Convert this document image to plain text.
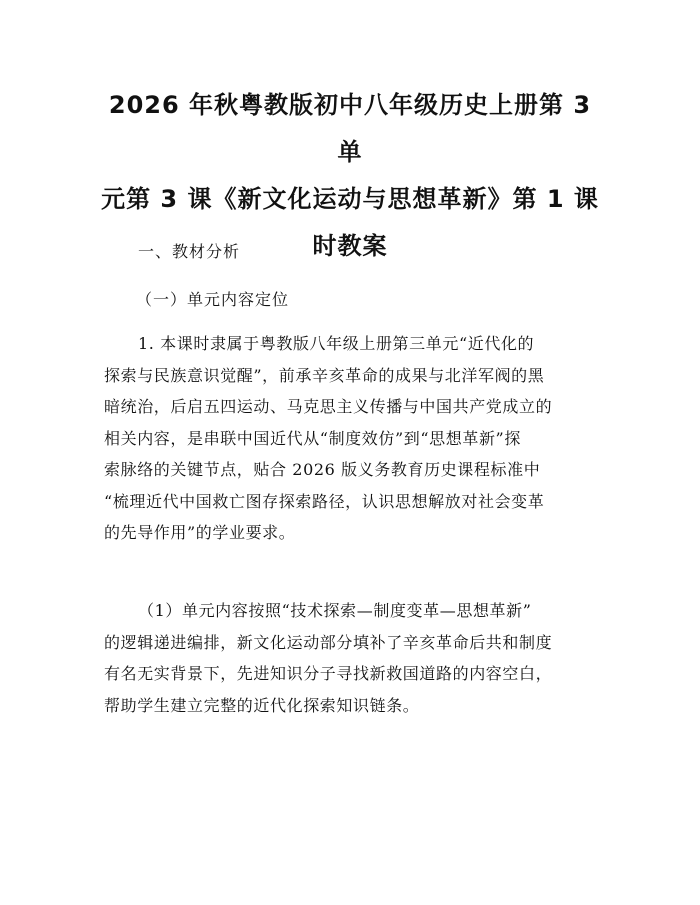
2026 年秋粤教版初中八年级历史上册第 3 单
元第 3 课《新文化运动与思想革新》第 1 课
时教案

一、教材分析

（一）单元内容定位

1. 本课时隶属于粤教版八年级上册第三单元“近代化的
探索与民族意识觉醒”，前承辛亥革命的成果与北洋军阀的黑
暗统治，后启五四运动、马克思主义传播与中国共产党成立的
相关内容，是串联中国近代从“制度效仿”到“思想革新”探
索脉络的关键节点，贴合 2026 版义务教育历史课程标准中
“梳理近代中国救亡图存探索路径，认识思想解放对社会变革
的先导作用”的学业要求。
（1）单元内容按照“技术探索—制度变革—思想革新”
的逻辑递进编排，新文化运动部分填补了辛亥革命后共和制度
有名无实背景下，先进知识分子寻找新救国道路的内容空白，
帮助学生建立完整的近代化探索知识链条。
